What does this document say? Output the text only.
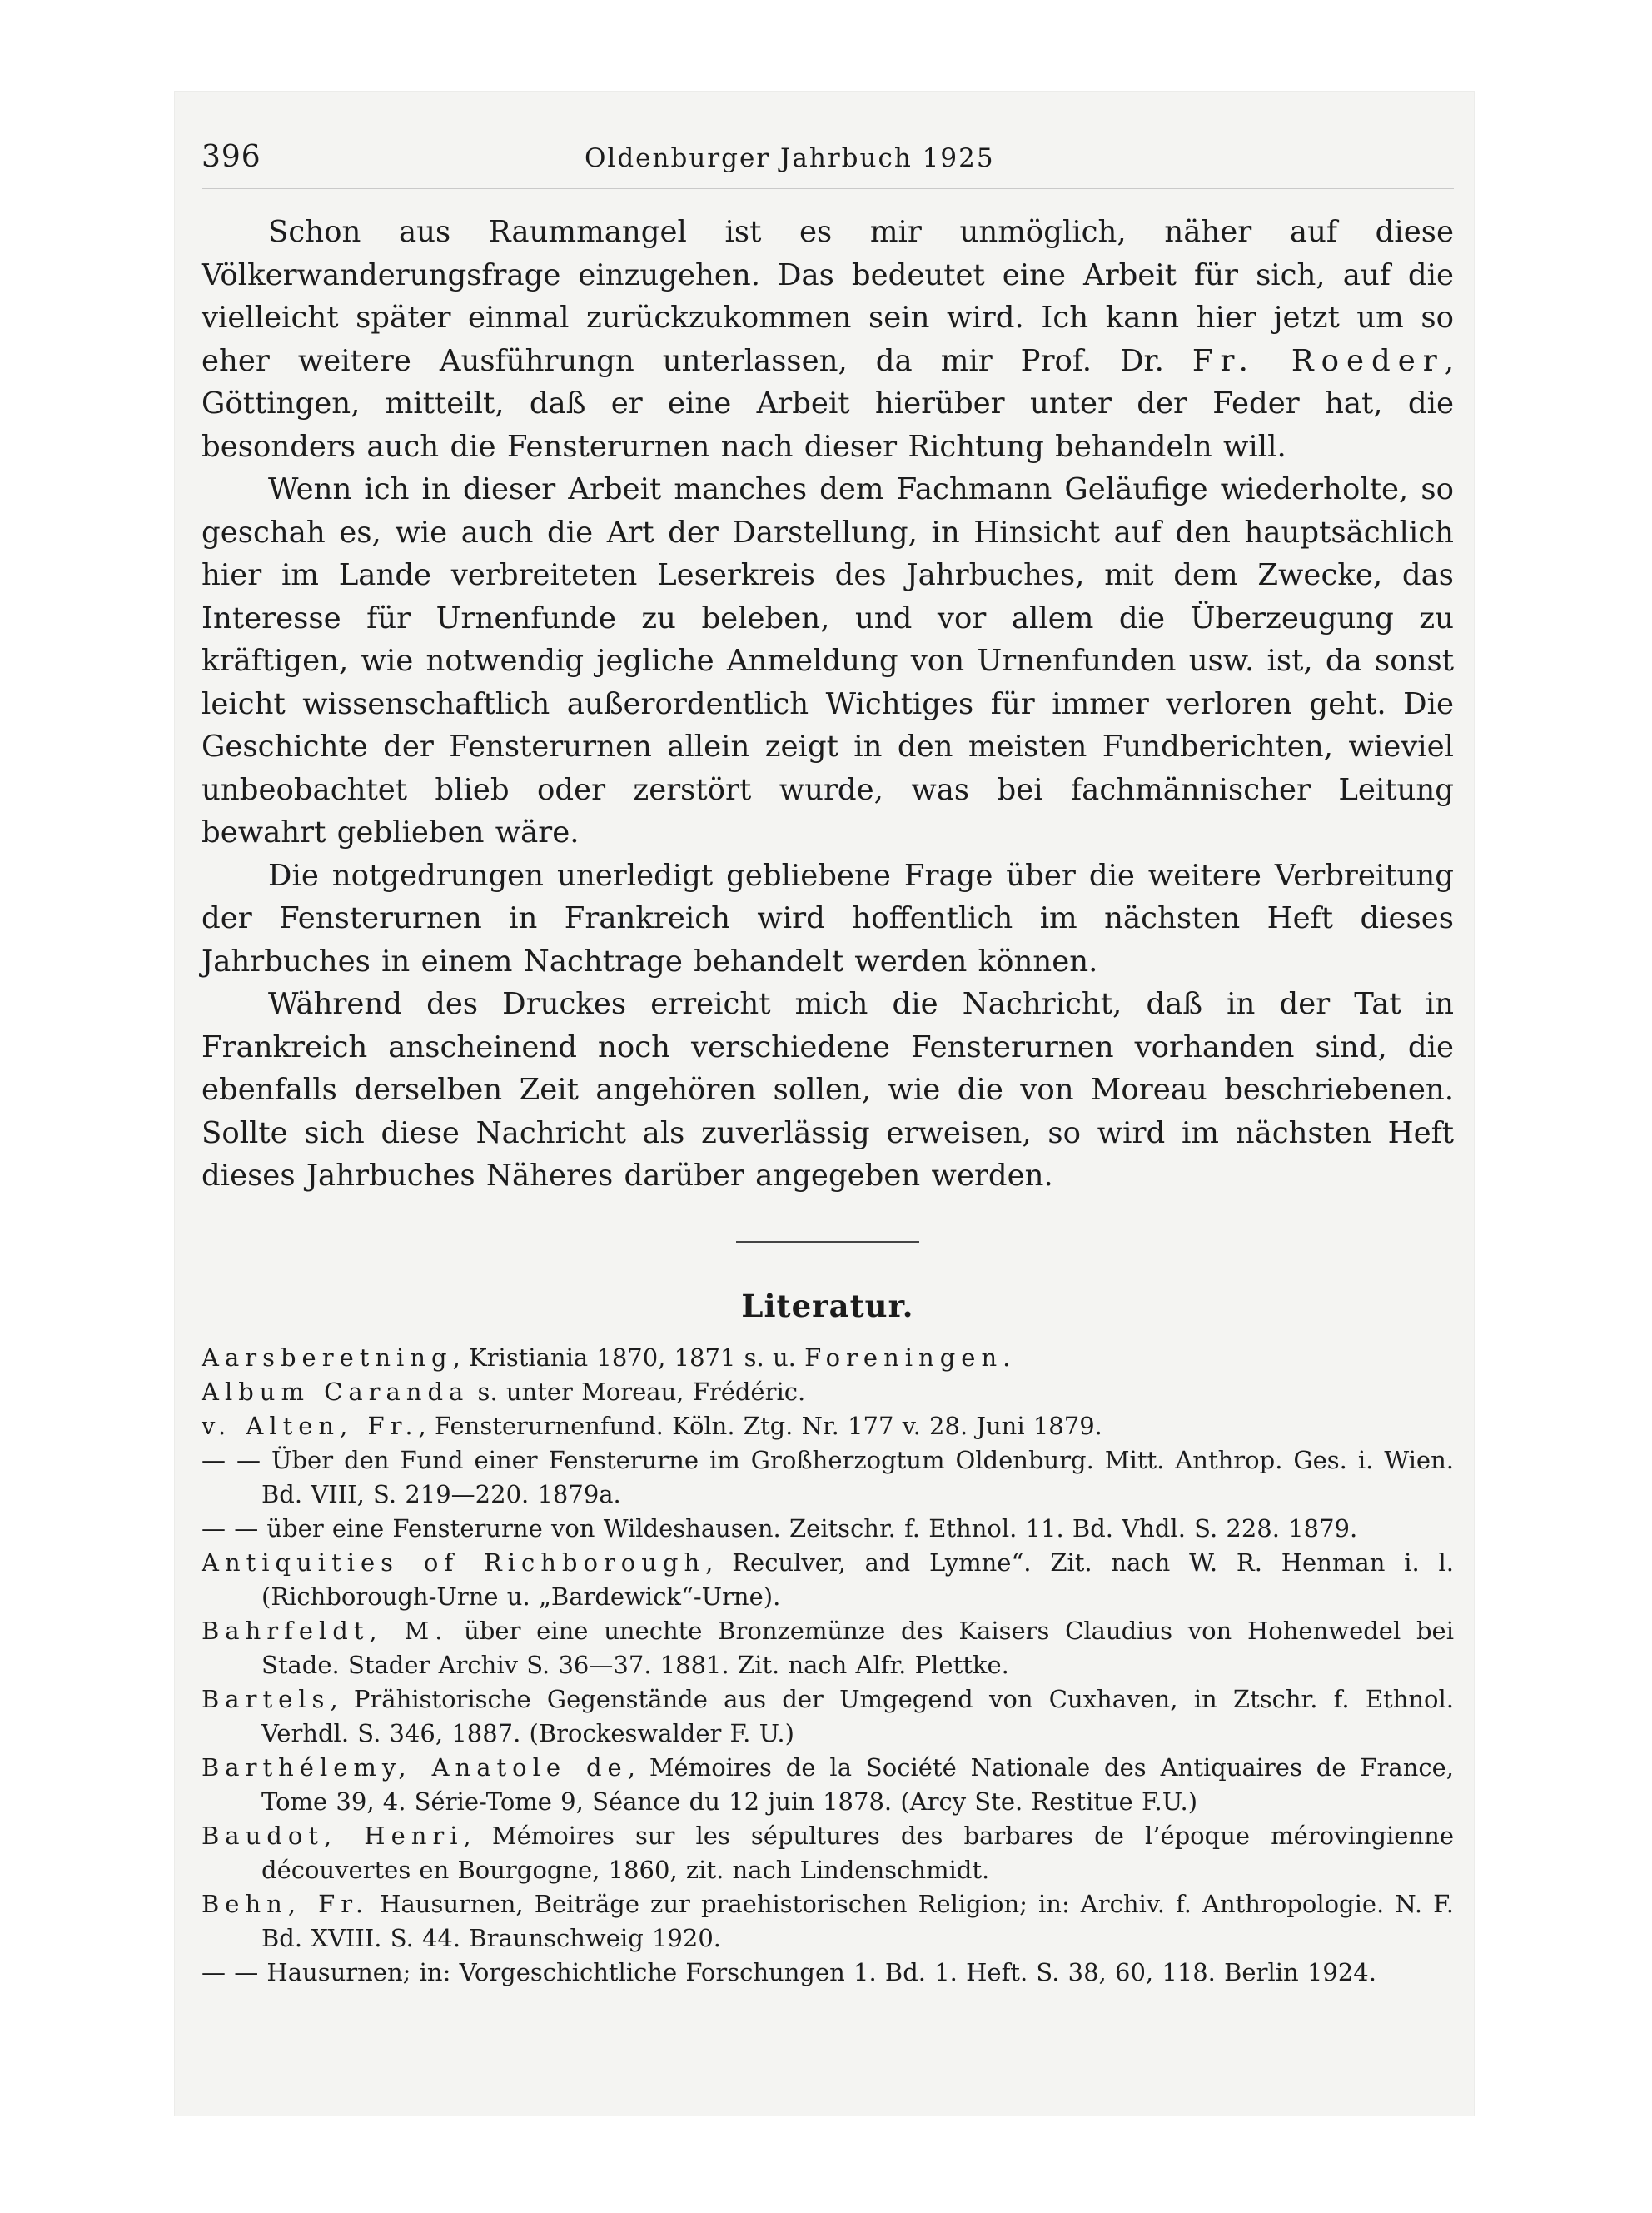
396	Oldenburger Jahrbuch 1925

Schon aus Raummangel ist es mir unmöglich, näher auf diese Völkerwanderungsfrage einzugehen. Das bedeutet eine Arbeit für sich, auf die vielleicht später einmal zurückzukommen sein wird. Ich kann hier jetzt um so eher weitere Ausführungn unterlassen, da mir Prof. Dr. Fr. Roeder, Göttingen, mitteilt, daß er eine Arbeit hierüber unter der Feder hat, die besonders auch die Fensterurnen nach dieser Richtung behandeln will.

Wenn ich in dieser Arbeit manches dem Fachmann Geläufige wiederholte, so geschah es, wie auch die Art der Darstellung, in Hinsicht auf den hauptsächlich hier im Lande verbreiteten Leserkreis des Jahrbuches, mit dem Zwecke, das Interesse für Urnenfunde zu beleben, und vor allem die Überzeugung zu kräftigen, wie notwendig jegliche Anmeldung von Urnenfunden usw. ist, da sonst leicht wissenschaftlich außerordentlich Wichtiges für immer verloren geht. Die Geschichte der Fensterurnen allein zeigt in den meisten Fundberichten, wieviel unbeobachtet blieb oder zerstört wurde, was bei fachmännischer Leitung bewahrt geblieben wäre.

Die notgedrungen unerledigt gebliebene Frage über die weitere Verbreitung der Fensterurnen in Frankreich wird hoffentlich im nächsten Heft dieses Jahrbuches in einem Nachtrage behandelt werden können.

Während des Druckes erreicht mich die Nachricht, daß in der Tat in Frankreich anscheinend noch verschiedene Fensterurnen vorhanden sind, die ebenfalls derselben Zeit angehören sollen, wie die von Moreau beschriebenen. Sollte sich diese Nachricht als zuverlässig erweisen, so wird im nächsten Heft dieses Jahrbuches Näheres darüber angegeben werden.

Literatur.
Aarsberetning, Kristiania 1870, 1871 s. u. Foreningen.
Album Caranda s. unter Moreau, Frédéric.
v. Alten, Fr., Fensterurnenfund. Köln. Ztg. Nr. 177 v. 28. Juni 1879.
— — Über den Fund einer Fensterurne im Großherzogtum Oldenburg. Mitt. Anthrop. Ges. i. Wien. Bd. VIII, S. 219—220. 1879a.
— — über eine Fensterurne von Wildeshausen. Zeitschr. f. Ethnol. 11. Bd. Vhdl. S. 228. 1879.
Antiquities of Richborough, Reculver, and Lymne“. Zit. nach W. R. Henman i. l. (Richborough-Urne u. „Bardewick“-Urne).
Bahrfeldt, M. über eine unechte Bronzemünze des Kaisers Claudius von Hohenwedel bei Stade. Stader Archiv S. 36—37. 1881. Zit. nach Alfr. Plettke.
Bartels, Prähistorische Gegenstände aus der Umgegend von Cuxhaven, in Ztschr. f. Ethnol. Verhdl. S. 346, 1887. (Brockeswalder F. U.)
Barthélemy, Anatole de, Mémoires de la Société Nationale des Antiquaires de France, Tome 39, 4. Série-Tome 9, Séance du 12 juin 1878. (Arcy Ste. Restitue F.U.)
Baudot, Henri, Mémoires sur les sépultures des barbares de l’époque mérovingienne découvertes en Bourgogne, 1860, zit. nach Lindenschmidt.
Behn, Fr. Hausurnen, Beiträge zur praehistorischen Religion; in: Archiv. f. Anthropologie. N. F. Bd. XVIII. S. 44. Braunschweig 1920.
— — Hausurnen; in: Vorgeschichtliche Forschungen 1. Bd. 1. Heft. S. 38, 60, 118. Berlin 1924.
